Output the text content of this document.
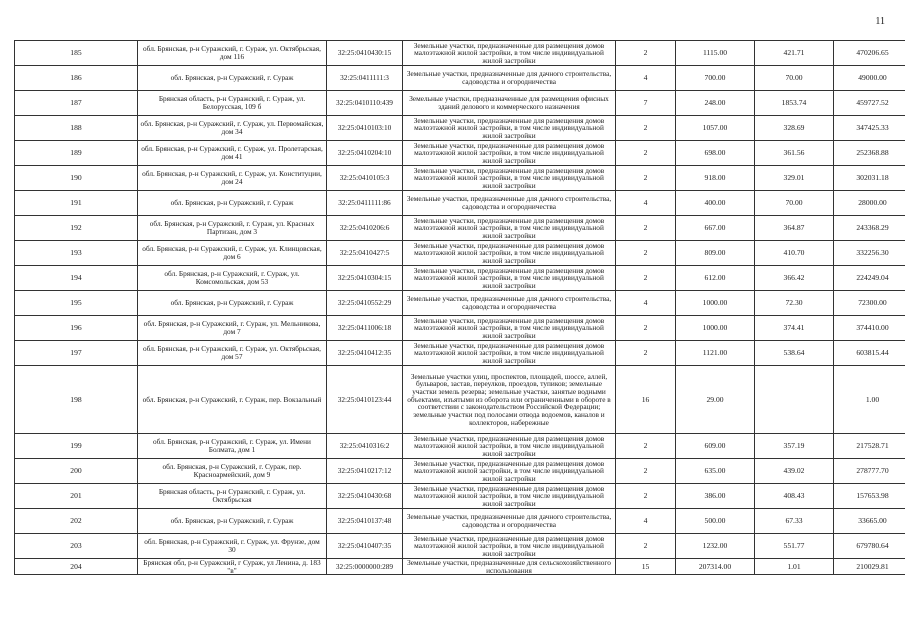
11
185	обл. Брянская, р-н Суражский, г. Сураж, ул. Октябрьская, дом 116	32:25:0410430:15	Земельные участки, предназначенные для размещения домов малоэтажной жилой застройки, в том числе индивидуальной жилой застройки	2	1115.00	421.71	470206.65
186	обл. Брянская, р-н Суражский, г. Сураж	32:25:0411111:3	Земельные участки, предназначенные для дачного строительства, садоводства и огородничества	4	700.00	70.00	49000.00
187	Брянская область, р-н Суражский, г. Сураж, ул. Белорусская, 109 б	32:25:0410110:439	Земельные участки, предназначенные для размещения офисных зданий делового и коммерческого назначения	7	248.00	1853.74	459727.52
188	обл. Брянская, р-н Суражский, г. Сураж, ул. Первомайская, дом 34	32:25:0410103:10	Земельные участки, предназначенные для размещения домов малоэтажной жилой застройки, в том числе индивидуальной жилой застройки	2	1057.00	328.69	347425.33
189	обл. Брянская, р-н Суражский, г. Сураж, ул. Пролетарская, дом 41	32:25:0410204:10	Земельные участки, предназначенные для размещения домов малоэтажной жилой застройки, в том числе индивидуальной жилой застройки	2	698.00	361.56	252368.88
190	обл. Брянская, р-н Суражский, г. Сураж, ул. Конституции, дом 24	32:25:0410105:3	Земельные участки, предназначенные для размещения домов малоэтажной жилой застройки, в том числе индивидуальной жилой застройки	2	918.00	329.01	302031.18
191	обл. Брянская, р-н Суражский, г. Сураж	32:25:0411111:86	Земельные участки, предназначенные для дачного строительства, садоводства и огородничества	4	400.00	70.00	28000.00
192	обл. Брянская, р-н Суражский, г. Сураж, ул. Красных Партизан, дом 3	32:25:0410206:6	Земельные участки, предназначенные для размещения домов малоэтажной жилой застройки, в том числе индивидуальной жилой застройки	2	667.00	364.87	243368.29
193	обл. Брянская, р-н Суражский, г. Сураж, ул. Клинцовская, дом 6	32:25:0410427:5	Земельные участки, предназначенные для размещения домов малоэтажной жилой застройки, в том числе индивидуальной жилой застройки	2	809.00	410.70	332256.30
194	обл. Брянская, р-н Суражский, г. Сураж, ул. Комсомольская, дом 53	32:25:0410304:15	Земельные участки, предназначенные для размещения домов малоэтажной жилой застройки, в том числе индивидуальной жилой застройки	2	612.00	366.42	224249.04
195	обл. Брянская, р-н Суражский, г. Сураж	32:25:0410552:29	Земельные участки, предназначенные для дачного строительства, садоводства и огородничества	4	1000.00	72.30	72300.00
196	обл. Брянская, р-н Суражский, г. Сураж, ул. Мельникова, дом 7	32:25:0411006:18	Земельные участки, предназначенные для размещения домов малоэтажной жилой застройки, в том числе индивидуальной жилой застройки	2	1000.00	374.41	374410.00
197	обл. Брянская, р-н Суражский, г. Сураж, ул. Октябрьская, дом 57	32:25:0410412:35	Земельные участки, предназначенные для размещения домов малоэтажной жилой застройки, в том числе индивидуальной жилой застройки	2	1121.00	538.64	603815.44
198	обл. Брянская, р-н Суражский, г. Сураж, пер. Вокзальный	32:25:0410123:44	Земельные участки улиц, проспектов, площадей, шоссе, аллей, бульваров, застав, переулков, проездов, тупиков; земельные участки земель резерва; земельные участки, занятые водными объектами, изъятыми из оборота или ограниченными в обороте в соответствии с законодательством Российской Федерации; земельные участки под полосами отвода водоемов, каналов и коллекторов, набережные	16	29.00		1.00
199	обл. Брянская, р-н Суражский, г. Сураж, ул. Имени Болмата, дом 1	32:25:0410316:2	Земельные участки, предназначенные для размещения домов малоэтажной жилой застройки, в том числе индивидуальной жилой застройки	2	609.00	357.19	217528.71
200	обл. Брянская, р-н Суражский, г. Сураж, пер. Красноармейский, дом 9	32:25:0410217:12	Земельные участки, предназначенные для размещения домов малоэтажной жилой застройки, в том числе индивидуальной жилой застройки	2	635.00	439.02	278777.70
201	Брянская область, р-н Суражский, г. Сураж, ул. Октябрьская	32:25:0410430:68	Земельные участки, предназначенные для размещения домов малоэтажной жилой застройки, в том числе индивидуальной жилой застройки	2	386.00	408.43	157653.98
202	обл. Брянская, р-н Суражский, г. Сураж	32:25:0410137:48	Земельные участки, предназначенные для дачного строительства, садоводства и огородничества	4	500.00	67.33	33665.00
203	обл. Брянская, р-н Суражский, г. Сураж, ул. Фрунзе, дом 30	32:25:0410407:35	Земельные участки, предназначенные для размещения домов малоэтажной жилой застройки, в том числе индивидуальной жилой застройки	2	1232.00	551.77	679780.64
204	Брянская обл, р-н Суражский, г Сураж, ул Ленина, д. 183 "в"	32:25:0000000:289	Земельные участки, предназначенные для сельскохозяйственного использования	15	207314.00	1.01	210029.81
